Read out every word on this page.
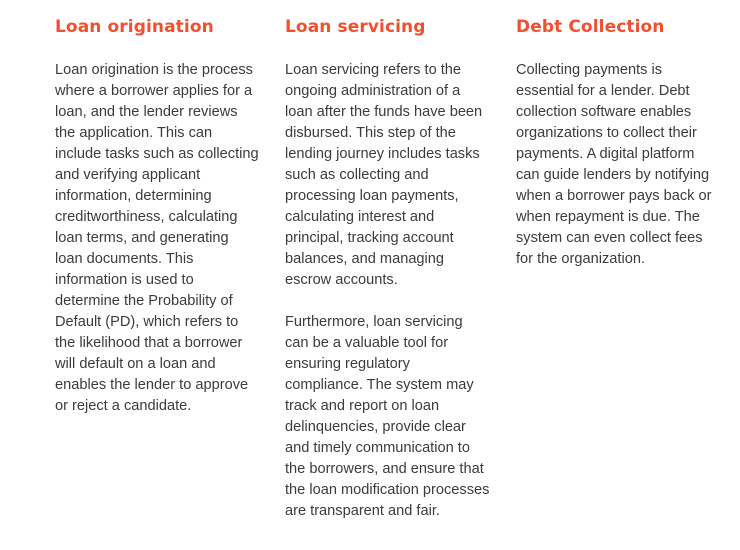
Loan origination

Loan origination is the process where a borrower applies for a loan, and the lender reviews the application. This can include tasks such as collecting and verifying applicant information, determining creditworthiness, calculating loan terms, and generating loan documents. This information is used to determine the Probability of Default (PD), which refers to the likelihood that a borrower will default on a loan and enables the lender to approve or reject a candidate.

Loan servicing

Loan servicing refers to the ongoing administration of a loan after the funds have been disbursed. This step of the lending journey includes tasks such as collecting and processing loan payments, calculating interest and principal, tracking account balances, and managing escrow accounts.

Furthermore, loan servicing can be a valuable tool for ensuring regulatory compliance. The system may track and report on loan delinquencies, provide clear and timely communication to the borrowers, and ensure that the loan modification processes are transparent and fair.

Debt Collection

Collecting payments is essential for a lender. Debt collection software enables organizations to collect their payments. A digital platform can guide lenders by notifying when a borrower pays back or when repayment is due. The system can even collect fees for the organization.
